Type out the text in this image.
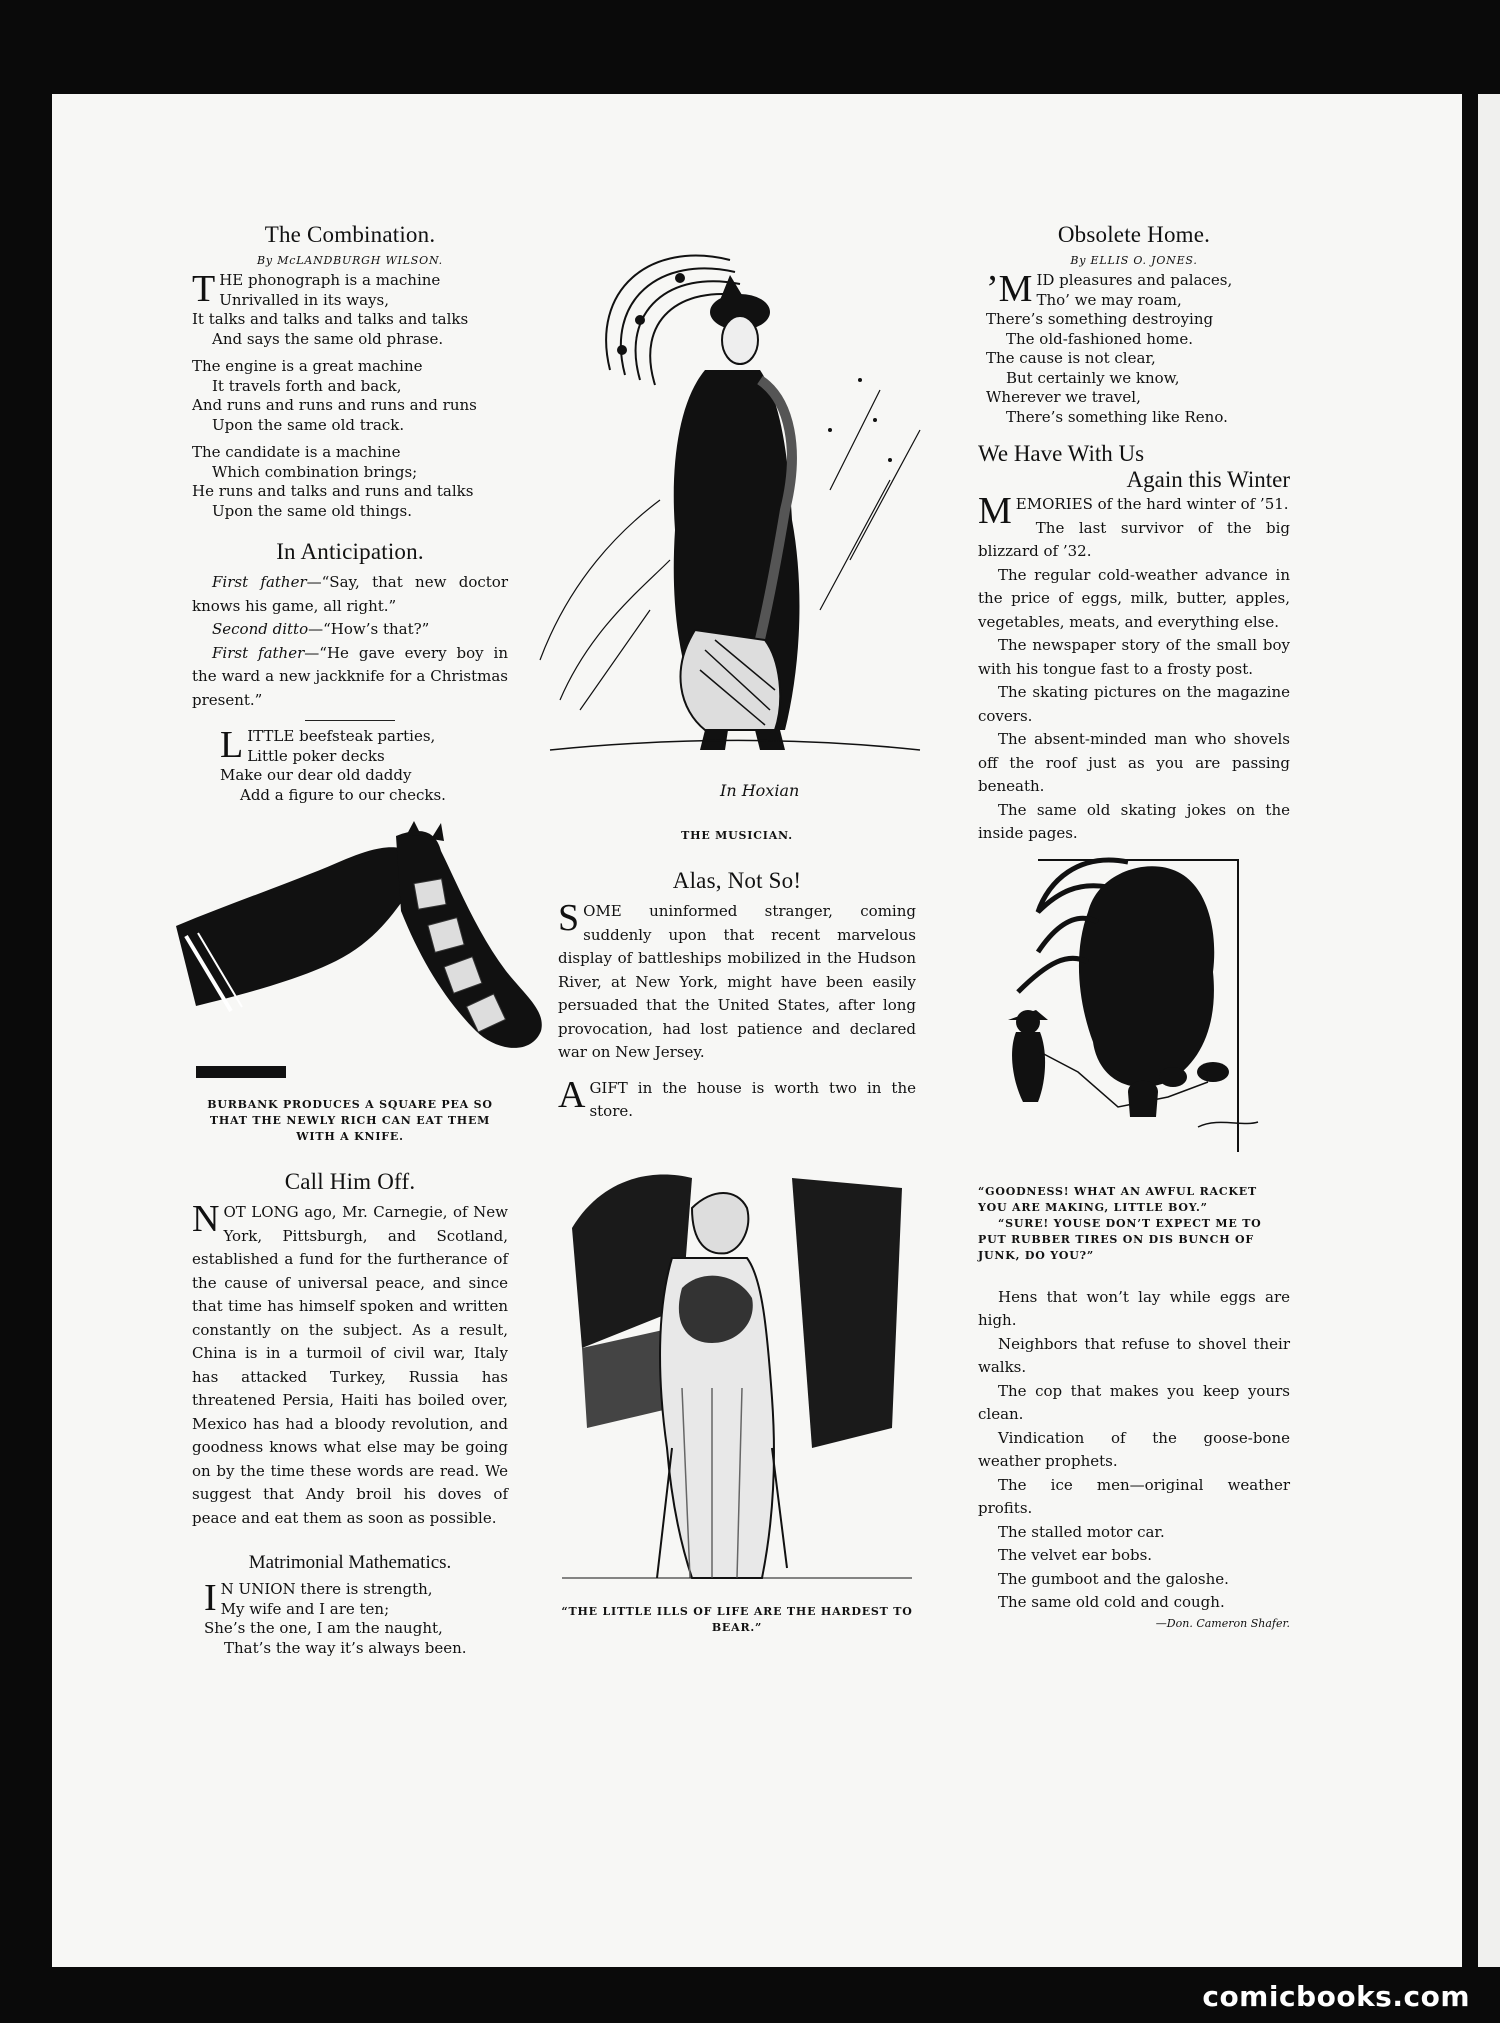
The Combination.
By McLANDBURGH WILSON.
T HE phonograph is a machine
Unrivalled in its ways,
It talks and talks and talks and talks
And says the same old phrase.
The engine is a great machine
It travels forth and back,
And runs and runs and runs and runs
Upon the same old track.
The candidate is a machine
Which combination brings;
He runs and talks and runs and talks
Upon the same old things.
In Anticipation.

First father—“Say, that new doctor knows his game, all right.”

Second ditto—“How’s that?”

First father—“He gave every boy in the ward a new jackknife for a Christmas present.”

L ITTLE beefsteak parties,
Little poker decks
Make our dear old daddy
Add a figure to our checks.
BURBANK PRODUCES A SQUARE PEA SO THAT THE NEWLY RICH CAN EAT THEM WITH A KNIFE.
Call Him Off.

NOT LONG ago, Mr. Carnegie, of New York, Pittsburgh, and Scotland, established a fund for the furtherance of the cause of universal peace, and since that time has himself spoken and written constantly on the subject. As a result, China is in a turmoil of civil war, Italy has attacked Turkey, Russia has threatened Persia, Haiti has boiled over, Mexico has had a bloody revolution, and goodness knows what else may be going on by the time these words are read. We suggest that Andy broil his doves of peace and eat them as soon as possible.

Matrimonial Mathematics.
I N UNION there is strength,
My wife and I are ten;
She’s the one, I am the naught,
That’s the way it’s always been.
In Hoxian
THE MUSICIAN.
Alas, Not So!

SOME uninformed stranger, coming suddenly upon that recent marvelous display of battleships mobilized in the Hudson River, at New York, might have been easily persuaded that the United States, after long provocation, had lost patience and declared war on New Jersey.

AGIFT in the house is worth two in the store.

“THE LITTLE ILLS OF LIFE ARE THE HARDEST TO BEAR.”
Obsolete Home.
By ELLIS O. JONES.
’M ID pleasures and palaces,
Tho’ we may roam,
There’s something destroying
The old-fashioned home.
The cause is not clear,
But certainly we know,
Wherever we travel,
There’s something like Reno.
We Have With Us
Again this Winter

MEMORIES of the hard winter of ’51.

The last survivor of the big blizzard of ’32.

The regular cold-weather advance in the price of eggs, milk, butter, apples, vegetables, meats, and everything else.

The newspaper story of the small boy with his tongue fast to a frosty post.

The skating pictures on the magazine covers.

The absent-minded man who shovels off the roof just as you are passing beneath.

The same old skating jokes on the inside pages.

“GOODNESS! WHAT AN AWFUL RACKET YOU ARE MAKING, LITTLE BOY.”
“SURE! YOUSE DON’T EXPECT ME TO PUT RUBBER TIRES ON DIS BUNCH OF JUNK, DO YOU?”

Hens that won’t lay while eggs are high.

Neighbors that refuse to shovel their walks.

The cop that makes you keep yours clean.

Vindication of the goose-bone weather prophets.

The ice men—original weather profits.

The stalled motor car.

The velvet ear bobs.

The gumboot and the galoshe.

The same old cold and cough.

—Don. Cameron Shafer.
comicbooks.com
